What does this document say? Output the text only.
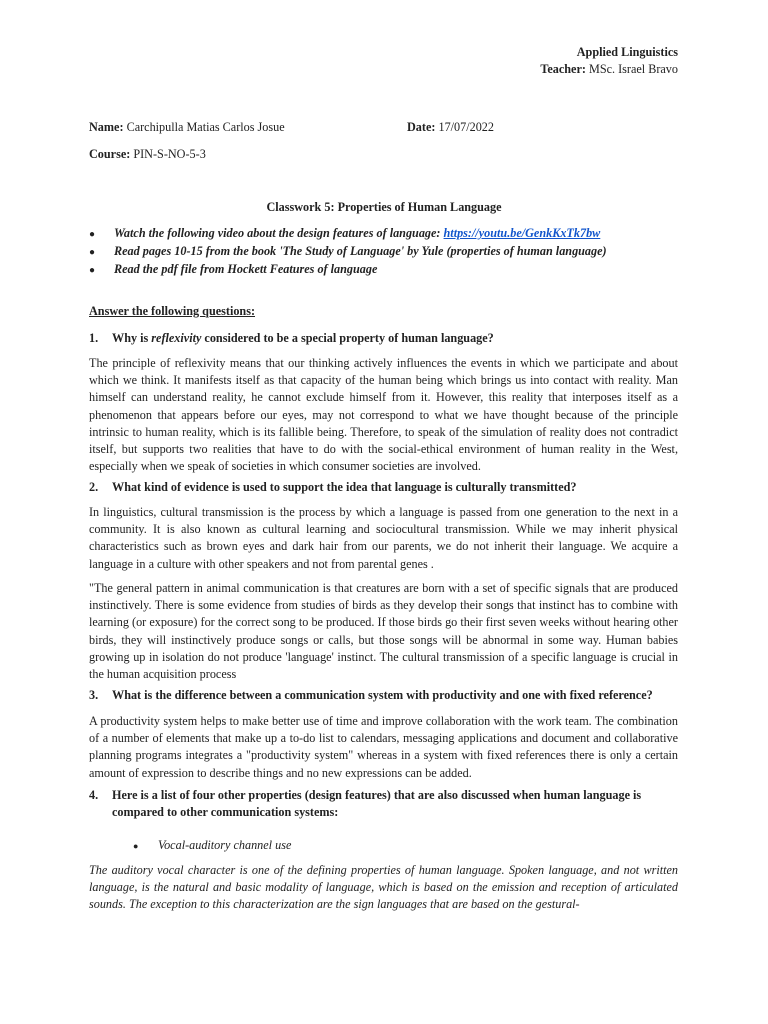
Applied Linguistics
Teacher: MSc. Israel Bravo
Name: Carchipulla Matias Carlos Josue	Date: 17/07/2022
Course: PIN-S-NO-5-3
Classwork 5: Properties of Human Language
● Watch the following video about the design features of language: https://youtu.be/GenkKxTk7bw
● Read pages 10-15 from the book 'The Study of Language' by Yule (properties of human language)
● Read the pdf file from Hockett Features of language
Answer the following questions:
1. Why is reflexivity considered to be a special property of human language?
The principle of reflexivity means that our thinking actively influences the events in which we participate and about which we think. It manifests itself as that capacity of the human being which brings us into contact with reality. Man himself can understand reality, he cannot exclude himself from it. However, this reality that interposes itself as a phenomenon that appears before our eyes, may not correspond to what we have thought because of the principle intrinsic to human reality, which is its fallible being. Therefore, to speak of the simulation of reality does not contradict itself, but supports two realities that have to do with the social-ethical environment of human reality in the West, especially when we speak of societies in which consumer societies are involved.
2. What kind of evidence is used to support the idea that language is culturally transmitted?
In linguistics, cultural transmission is the process by which a language is passed from one generation to the next in a community. It is also known as cultural learning and sociocultural transmission. While we may inherit physical characteristics such as brown eyes and dark hair from our parents, we do not inherit their language. We acquire a language in a culture with other speakers and not from parental genes .
"The general pattern in animal communication is that creatures are born with a set of specific signals that are produced instinctively. There is some evidence from studies of birds as they develop their songs that instinct has to combine with learning (or exposure) for the correct song to be produced. If those birds go their first seven weeks without hearing other birds, they will instinctively produce songs or calls, but those songs will be abnormal in some way. Human babies growing up in isolation do not produce 'language' instinct. The cultural transmission of a specific language is crucial in the human acquisition process
3. What is the difference between a communication system with productivity and one with fixed reference?
A productivity system helps to make better use of time and improve collaboration with the work team. The combination of a number of elements that make up a to-do list to calendars, messaging applications and document and collaborative planning programs integrates a "productivity system" whereas in a system with fixed references there is only a certain amount of expression to describe things and no new expressions can be added.
4. Here is a list of four other properties (design features) that are also discussed when human language is
compared to other communication systems:
● Vocal-auditory channel use
The auditory vocal character is one of the defining properties of human language. Spoken language, and not written language, is the natural and basic modality of language, which is based on the emission and reception of articulated sounds. The exception to this characterization are the sign languages that are based on the gestural-
